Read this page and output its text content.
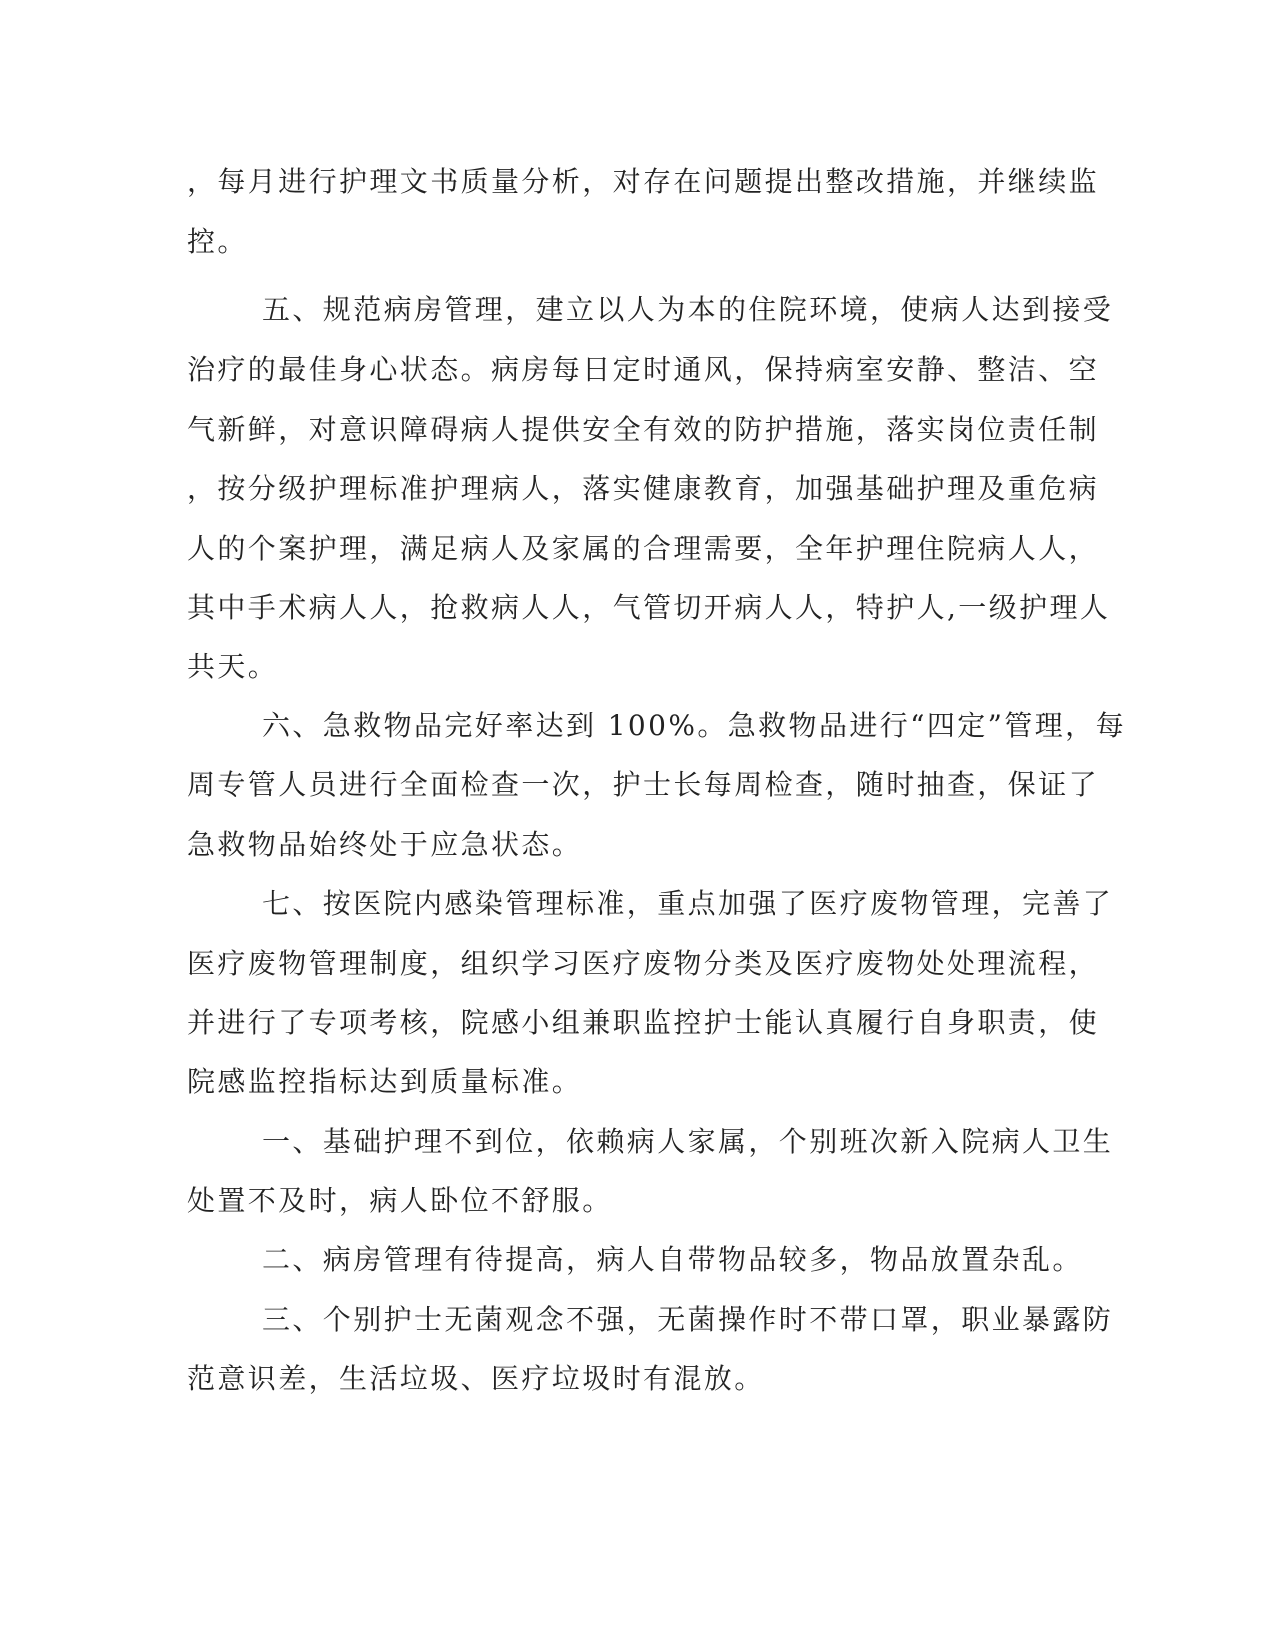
，每月进行护理文书质量分析，对存在问题提出整改措施，并继续监
控。
五、规范病房管理，建立以人为本的住院环境，使病人达到接受
治疗的最佳身心状态。病房每日定时通风，保持病室安静、整洁、空
气新鲜，对意识障碍病人提供安全有效的防护措施，落实岗位责任制
，按分级护理标准护理病人，落实健康教育，加强基础护理及重危病
人的个案护理，满足病人及家属的合理需要，全年护理住院病人人，
其中手术病人人，抢救病人人，气管切开病人人，特护人,一级护理人
共天。
六、急救物品完好率达到 100%。急救物品进行“四定”管理，每
周专管人员进行全面检查一次，护士长每周检查，随时抽查，保证了
急救物品始终处于应急状态。
七、按医院内感染管理标准，重点加强了医疗废物管理，完善了
医疗废物管理制度，组织学习医疗废物分类及医疗废物处处理流程，
并进行了专项考核，院感小组兼职监控护士能认真履行自身职责，使
院感监控指标达到质量标准。
一、基础护理不到位，依赖病人家属，个别班次新入院病人卫生
处置不及时，病人卧位不舒服。
二、病房管理有待提高，病人自带物品较多，物品放置杂乱。
三、个别护士无菌观念不强，无菌操作时不带口罩，职业暴露防
范意识差，生活垃圾、医疗垃圾时有混放。
